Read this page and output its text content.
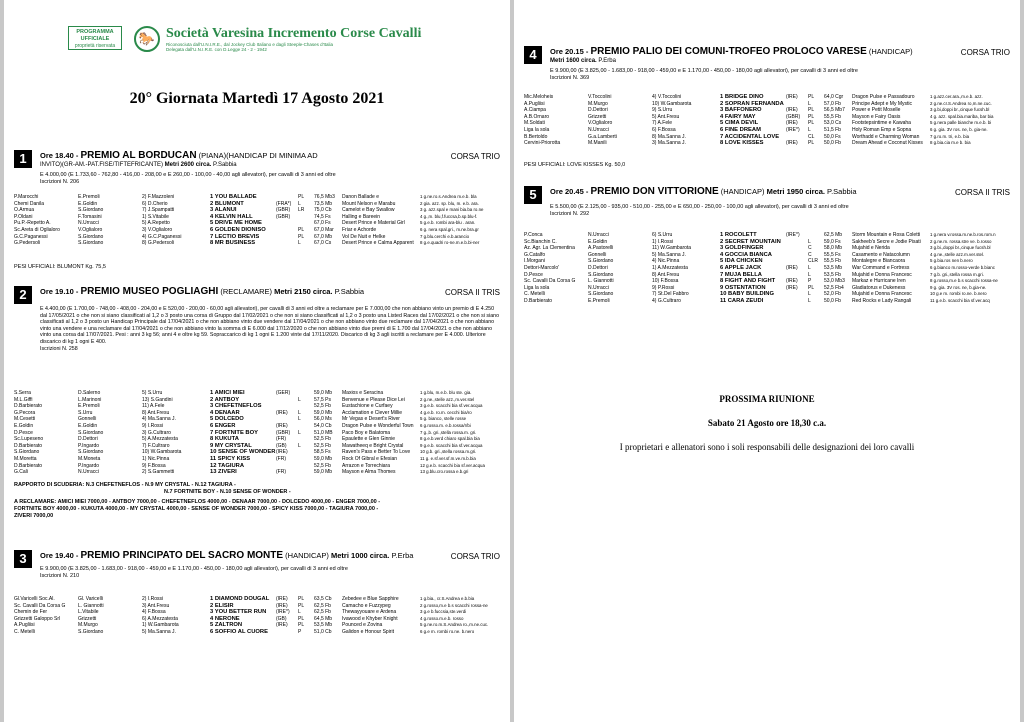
PROGRAMMA
UFFICIALE
proprietà riservata	🐎 Società Varesina Incremento Corse Cavalli
Riconosciuta dall'U.N.I.R.E., dal Jockey Club Italiano e dagli Steeple-Chases d'Italia
Delegata dall'U.N.I.R.E. con D.Legge 24 - 2 - 1942
20° Giornata Martedì 17 Agosto 2021
1	Ore 18.40 - PREMIO AL BORDUCAN (PIANA)(HANDICAP DI MINIMA AD
INVITO)(GR-AM.-PAT.FISE/TIFTEFRICANTE) Metri 2600 circa. P.Sabbia
CORSA TRIO
E 4.000,00 (E 1.733,60 - 762,80 - 416,00 - 208,00 e E 260,00 - 100,00 - 40,00 agli allevatori), per cavalli di 3 anni ed oltre
Iscrizioni N. 206
P.Marocchi	E.Premoli	2) F.Mazzoleni	1 YOU BALLADE	PL	76,5 Mb3	Danon Ballade e	1 g.ne.ro.s.Andrea m.e.b. bla
Chemi Danila	E.Goldin	6) D.Cherio	2 BLUMONT	(FRA*)	L	73,5 Mb	Mount Nelson e Marabu	2 gia. azz. sp. blu, m. e.b. ara.
O.Armua	S.Giordano	7) J.Spampatti	3 ALANUI	(GBR)	LR	75,0 Cb	Camelot e Bay Swallow	3 g. azz.spal e mani bia.ba ro.ne
P.Oldani	F.Tomasini	1) S.Vitabile	4 KELVIN HALL	(GBR)	74,5 Fs	Halling e Bareein	4 g.,m. blu,f.fuccsa,b.sp.blu-f.
Pu.P.-Repetto A.	N.Urracci	5) A.Repetto	5 DRIVE ME HOME	67,0 Fs	Desert Prince e Material Girl	5 g.e.b. rombi ara-blu . aran.
Sc.Areta di Oglialoro	V.Oglialoro	3) V.Oglialoro	6 GOLDEN DIONISO	PL	67,0 Mar	Friar e Achorde	6 g. nera spal.gri., m.ne.bra.gr
G.C.Paganessi	S.Giordano	4) G.C.Paganessi	7 LECTIO BREVIS	PL	67,0 Mb	Vol De Nuit e Helke	7 g.blu.cerchi e.b.arancio
G.Pedersoli	S.Giordano	8) G.Pedersoli	8 MR BUSINESS	L	67,0 Cs	Desert Prince e Calma Apparent	8 g.e.quadri ro-ne.m.e.b.bi-ner
PESI UFFICIALI: BLUMONT Kg. 75,5
2	Ore 19.10 - PREMIO MUSEO POGLIAGHI (RECLAMARE) Metri 2150 circa. P.Sabbia	CORSA II TRIS
E 4.400,00 (E 1.700,00 - 748,00 - 408,00 - 204,00 e E 520,00 - 200,00 - 60,00 agli allevatori), per cavalli di 3 anni ed oltre a reclamare per E 7.000,00 che non abbiano vinto un premio di E 4.250 dal 17/05/2021 o che non si siano classificati al 1,2 o 3 posto una corsa di Gruppo dal 17/02/2021 o che non si siano classificati al 1,2 o 3 posto una Listed Races dal 17/02/2021 o che non si siano classificati al 1,2 o 3 posto un Handicap Principale dal 17/04/2021 o che non abbiano vinto due vendere dal 17/04/2021 o che non abbiano vinto due reclamare dal 17/04/2021 o che non abbiano vinto una vendere e una reclamare dal 17/04/2021 o che non abbiano vinto la somma di E 6.000 dal 17/12/2020 o che non abbiano vinto due premi di E 1.700 dal 17/04/2021 o che non abbiano vinto una corsa dal 17/07/2021. Pesi : anni 3 kg 56; anni 4 e oltre kg 59. Sopraccarico di kg 1 ogni E 1.200 vinte dal 17/11/2020. Discarico di kg 3 agli iscritti a reclamare per E 4.000. Ulteriore discarico di kg 1 ogni E 400.
Iscrizioni N. 258
S.Serra	D.Salerno	5) S.Urru	1 AMICI MIEI	(GER)	59,0 Mb	Maxios e Seracina	1 g.blu, m.e.b. blu ste. gia.
M.L.Giffi	L.Marinoni	13) S.Gandini	2 ANTBOY	L	57,5 Ps	Benvenue e Please Dice Lei	2 g.ne.,stelle azz.,m.ver.stel
D.Barbierato	E.Premoli	11) A.Fele	3 CHEFETNEFLOS	52,5 Fb	Eustachione e Curfaey	3 g.e.b. scacchi bia sf.ver.acqua
G.Pecora	S.Urru	8) Ant.Fresu	4 DENAAR	(IRE)	L	59,0 Mb	Acclamation e Clever Millie	4 g.e.b. ro.m. cecchi bia/ro
M.Cesetti	Gonnelli	4) Ma.Sanna J.	5 DOLCEDO	L	56,0 Ms	Mr Vegas e Desert's River	5 g. bianco, stelle rosse
E.Goldin	E.Goldin	9) I.Rossi	6 ENGER	(IRE)	54,0 Cb	Dragon Pulse e Wonderful Town	6 g.rosso.m. e.b.rossa/r/bi
D.Pesce	S.Giordano	3) G.Cultraro	7 FORTNITE BOY	(GBR)	L	51,0 MB	Paco Boy e Balatoma	7 g.,b. gri.,stella rossa.m. gri.
Sc.Lupeseno	D.Dettori	5) A.Mezzatesta	8 KUKUTA	(FR)	52,5 Fb	Epaulette e Glen Ginnie	8 g.e.b.verd chiaro spal.bia bia
D.Barbierato	P.Ingardo	7) F.Cultraro	9 MY CRYSTAL	(GB)	L	52,5 Fb	Mawatheeq e Bright Crystal	9 g.e.b. scacchi bia sf.ver.acqua
S.Giordano	S.Giordano	10) W.Gambarota	10 SENSE OF WONDER (IRE)	58,5 Fs	Raven's Pass e Better To Love	10 g.b. gri.,stella rossa.m.gri.
M.Moretta	M.Moneta	1) Nic.Pinna	11 SPICY KISS	(FR)	59,0 Mb	Rock Of Gibral e Efesian	11 g. e.sf.ver.sf.m.ve.m.b.bia
D.Barbierato	P.Ingardo	9) F.Bossa	12 TAGIURA	52,5 Fb	Arrazon e Torrechiara	12 g.e.b. scacchi bia sf.ver.acqua
G.Cali	N.Urracci	2) S.Gammetti	13 ZIVERI	(FR)	59,0 Mb	Mayson e Alma Thomes	13 g.blu.cro.rossa e.b.gri
RAPPORTO DI SCUDERIA: N.3 CHEFETNEFLOS - N.9 MY CRYSTAL - N.12 TAGIURA -
N.7 FORTNITE BOY - N.10 SENSE OF WONDER -
A RECLAMARE: AMICI MIEI 7000,00 - ANTBOY 7000,00 - CHEFETNEFLOS 4000,00 - DENAAR 7000,00 - DOLCEDO 4000,00 - ENGER 7000,00 -
FORTNITE BOY 4000,00 - KUKUTA 4000,00 - MY CRYSTAL 4000,00 - SENSE OF WONDER 7000,00 - SPICY KISS 7000,00 - TAGIURA 7000,00 -
ZIVERI 7000,00
3	Ore 19.40 - PREMIO PRINCIPATO DEL SACRO MONTE (HANDICAP) Metri 1000 circa. P.Erba	CORSA TRIO
E 9.900,00 (E 3.825,00 - 1.683,00 - 918,00 - 459,00 e E 1.170,00 - 450,00 - 180,00 agli allevatori), per cavalli di 3 anni ed oltre
Iscrizioni N. 210
Gl.Varicelli Soc.Al.	Gl. Varicelli	2) I.Rossi	1 DIAMOND DOUGAL	(IRE)	PL	63,5 Cb	Zebedee e Blue Sapphire	1 g.bia., cr.S.Andrea e.b.bia
Sc. Cavalli Da Corsa G	L. Giannotti	3) Ant.Fresu	2 ELISIR	(IRE)	PL	62,5 Fb	Camacho e Fuzzypeg	2 g.rosso,m.e b.s scacchi rossa-ne
Chemin de Fer	L.Vitabile	4) F.Bossa	3 YOU BETTER RUN	(IRE*)	L	62,5 Fb	Thewayyouare e Ardena	3 g.e b.fuccsia,ste.verdi
Grizzetti Galoppo Srl	Grizzetti	6) A.Mezzatesta	4 NERONE	(GB)	PL	64,5 Mb	Ivawood e Khyber Knight	4 g.rosso.m.e.b. rosso
A.Pugliisi	M.Murgo	1) W.Gambarota	5 ZALTRON	(IRE)	PL	53,5 Mb	Pounced e Zovina	5 g.ne.ro.m.S.Andrea ro.,m.ne.cuc.
C. Metelli	S.Giordano	5) Ma.Sanna J.	6 SOFFIO AL CUORE	P	51,0 Cb	Galidon e Honour Spirit	6 g.e m. rombi ro.ne. b.nero
4	Ore 20.15 - PREMIO PALIO DEI COMUNI-TROFEO PROLOCO VARESE (HANDICAP)
Metri 1600 circa. P.Erba
CORSA TRIO
E 9.900,00 (E 3.825,00 - 1.683,00 - 918,00 - 459,00 e E 1.170,00 - 450,00 - 180,00 agli allevatori), per cavalli di 3 anni ed oltre
Iscrizioni N. 369
Mic.Meloheis	V.Toccolini	4) V.Toccolini	1 BRIDGE DINO	(IRE)	PL	64,0 Cgr	Dragon Pulse e Passadouro	1 g.azz.cer.ara.,m.e.b. azz.
A.Pugliisi	M.Murgo	10) W.Gambarota	2 SOPRAN FERNANDA	L	57,0 Fb	Principe Adept e My Mystic	2 g.ne.cr.S.Andrea ro,m.ne.cuc.
A.Ciampa	D.Dettori	9) S.Urru	3 BAFFONERO	(IRE)	PL	56,5 Mb7	Power e Petit Moselle	3 g.bi,doppi br.,cinque fucsh.bl
A.B.Ornaro	Grizzetti	5) Ant.Fresu	4 FAIRY MAY	(GBR)	PL	55,5 Fb	Mayson e Fairy Oasis	4 g. azz. spal.bia.mariba, bar bia
M.Soldati	V.Oglialoro	7) A.Fele	5 CIMA DEVIL	(IRE)	PL	53,0 Cs	Footstepsintime e Kawaha	5 g.nera palle bianche m.e.b. bi
Liga la sola	N.Urracci	6) F.Bossa	6 FINE DREAM	(IRE*)	L	51,5 Fb	Holy Roman Emp e Sopna	6 g. gia. 3V ros. ne, b. gia-ne.
B.Bertoldo	G.a.Lamberti	8) Ma.Sanna J.	7 ACCIDENTAL LOVE	CL	50,0 Fs	Worthadd e Charming Woman	7 g.ro.m. tri, e.b. bia
Cervini-Priorotta	M.Manili	3) Ma.Sanna J.	8 LOVE KISSES	(IRE)	PL	50,0 Fb	Dream Ahead e Coconut Kisses	8 g.bia.cia m.e b. bia
PESI UFFICIALI: LOVE KISSES Kg. 50,0
5	Ore 20.45 - PREMIO DON VITTORIONE (HANDICAP) Metri 1950 circa. P.Sabbia	CORSA II TRIS
E 5.500,00 (E 2.125,00 - 935,00 - 510,00 - 255,00 e E 650,00 - 250,00 - 100,00 agli allevatori), per cavalli di 3 anni ed oltre
Iscrizioni N. 292
P.Conca	N.Urracci	6) S.Urru	1 ROCOLETT	(IRE*)	62,5 Mb	Storm Mountain e Rosa Coletti	1 g.nera v.rossa.m.ne.b.ros.rom.n
Sc.Bianchin C.	E.Goldin	1) I.Rossi	2 SECRET MOUNTAIN	L	59,0 Fs	Sakheeb's Secre e Jodie Pisati	2 g.ne.m. rossa.stre ve. b.rosso
Az. Agr. La Clementina	A.Pastorelli	11) W.Gambarota	3 GOLDFINGER	C	58,0 Mb	Mujahid e Nerida	3 g.bi.,doppi br.,cinque fucsh.bl
G.Catalfo	Gonnelli	5) Ma.Sanna J.	4 GOCCIA BIANCA	C	55,5 Fs	Casamento e Natacolumn	4 g.ne.,stelle azz.m.ver.stel.
I.Morgani	S.Giordano	4) Nic.Pinna	5 IDA CHICKEN	CLR	55,5 Fb	Montalegre e Biancaora	5 g.bia.ros nen b.nero
Dettori-Marcolo'	D.Dettori	1) A.Mezzatesta	6 APPLE JACK	(IRE)	L	53,5 Mb	War Command e Fortress	6 g.bianco m.rosso-verde b.bianc
D.Pesce	S.Giordano	8) Ant.Fresu	7 MUJA BELLA	L	53,5 Fb	Mujahid e Donna Francesc	7 g.b. gri.,stella rossa m.gri.
Sc. Cavalli Da Corsa G	L. Giannotti	10) F.Bossa	8 FIGHT AND FIGHT	(IRE)	P	53,0 Mb3	Markaz e Hurricane Iren	8 g.rosso,m.e b.s scacchi rossa-ne
Liga la sola	N.Urracci	9) P.Rossi	9 OSTENTATION	(IRE)	PL	52,5 Fb4	Gladiatorus e Dukeness	9 g. gia. 3V ros. ne, b.gia-ne.
C. Metelli	S.Giordano	7) St.Del Fabbro	10 BABY BUILDING	L	52,0 Fb	Mujahid e Donna Francesc	10 g.e m. rombi ro.ne. b.nero
D.Barbierato	E.Premoli	4) G.Cultraro	11 CARA ZEUDI	L	50,0 Fb	Red Rocks e Lady Rangali	11 g.e.b. scacchi bia sf.ver.acq
PROSSIMA RIUNIONE
Sabato 21 Agosto ore 18,30 c.a.
I proprietari e allenatori sono i soli responsabili delle designazioni dei loro cavalli
